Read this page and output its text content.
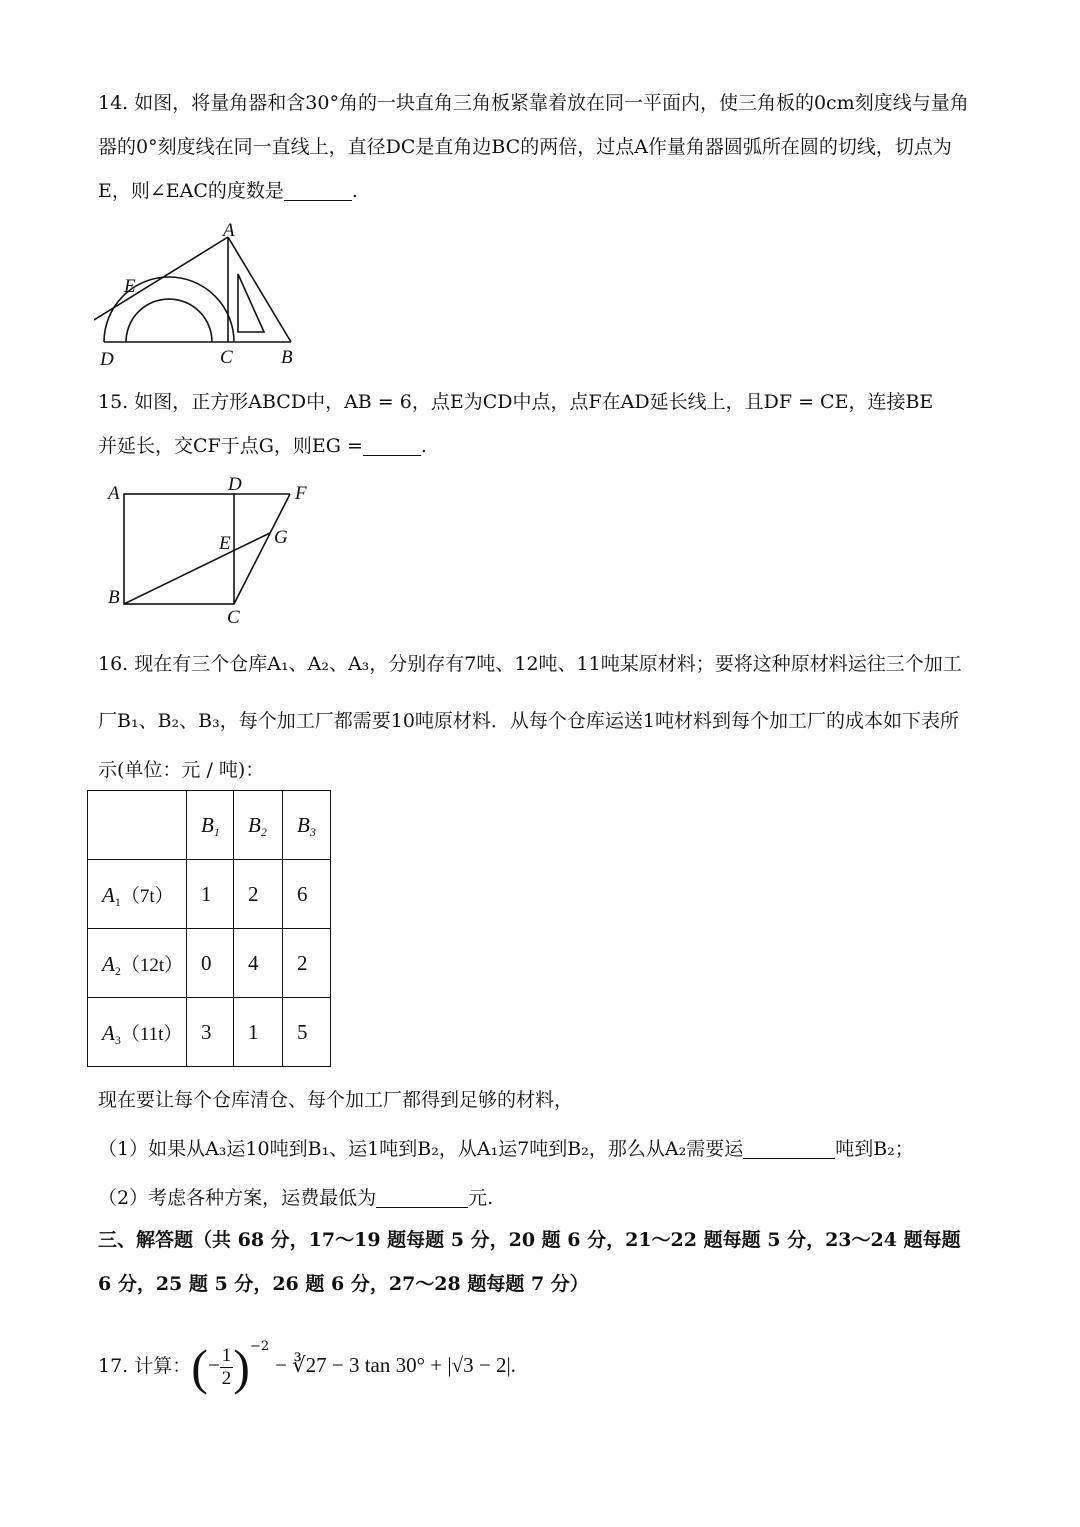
14. 如图，将量角器和含30°角的一块直角三角板紧靠着放在同一平面内，使三角板的0cm刻度线与量角
器的0°刻度线在同一直线上，直径DC是直角边BC的两倍，过点A作量角器圆弧所在圆的切线，切点为
E，则∠EAC的度数是	.
A
E
D	C	B
15. 如图，正方形ABCD中，AB = 6，点E为CD中点，点F在AD延长线上，且DF = CE，连接BE
并延长，交CF于点G，则EG =	.
A	D	F
E G
B
C
16. 现在有三个仓库A₁、A₂、A₃，分别存有7吨、12吨、11吨某原材料；要将这种原材料运往三个加工
厂B₁、B₂、B₃，每个加工厂都需要10吨原材料．从每个仓库运送1吨材料到每个加工厂的成本如下表所
示(单位：元 / 吨)：
	$B_1$	$B_2$	$B_3$
$A_1(7t)$	1	2	6
$A_2(12t)$	0	4	2
$A_3(11t)$	3	1	5
现在要让每个仓库清仓、每个加工厂都得到足够的材料，
（1）如果从A₃运10吨到B₁、运1吨到B₂，从A₁运7吨到B₂，那么从A₂需要运	吨到B₂；
（2）考虑各种方案，运费最低为	元.
三、解答题（共 68 分，17～19 题每题 5 分，20 题 6 分，21～22 题每题 5 分，23～24 题每题
6 分，25 题 5 分，26 题 6 分，27～28 题每题 7 分）
17. 计算：(− $\frac{1}{2} )^{-2}$ − ∛27 − 3 tan 30° + |√3 − 2|.
